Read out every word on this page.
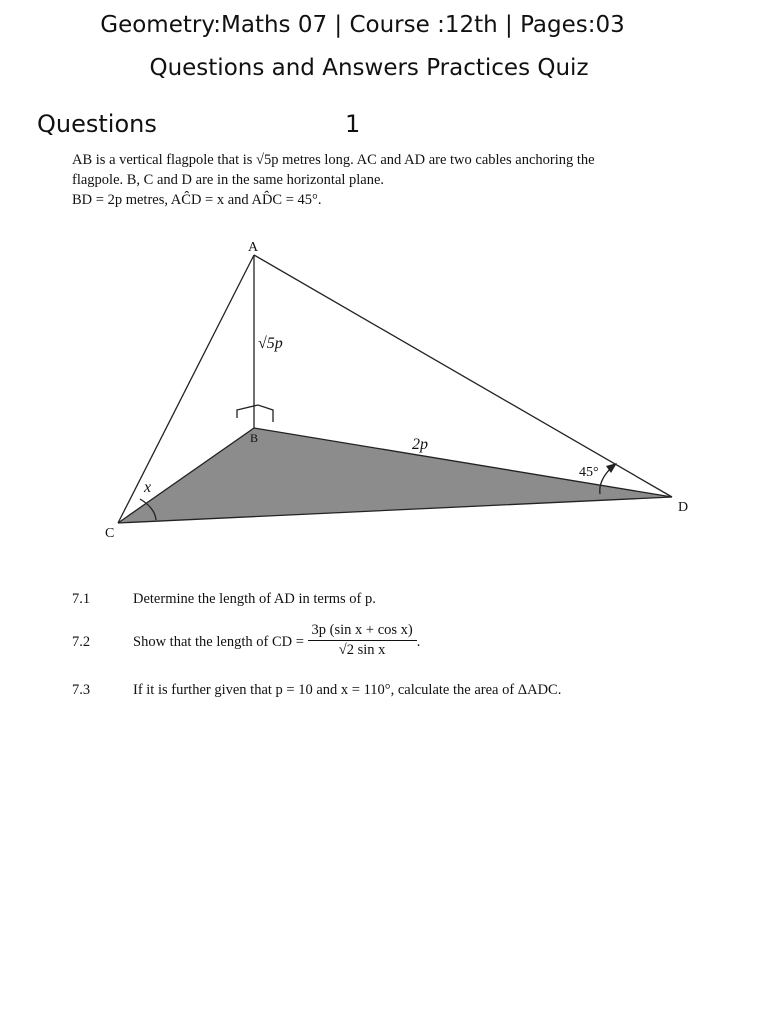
Geometry:Maths 07 | Course :12th | Pages:03
Questions and Answers Practices Quiz
Questions	1
AB is a vertical flagpole that is √5p metres long. AC and AD are two cables anchoring the
flagpole. B, C and D are in the same horizontal plane.
BD = 2p metres, AĈD = x and AD̂C = 45°.
A
B
C
D
√5p
2p
x
45°
7.1	Determine the length of AD in terms of p.
7.2	Show that the length of CD = $\frac{\text{3p (sin x + cos x)}}{\text{√2 sin x}}$ .
7.3	If it is further given that p = 10 and x = 110°, calculate the area of ΔADC.
